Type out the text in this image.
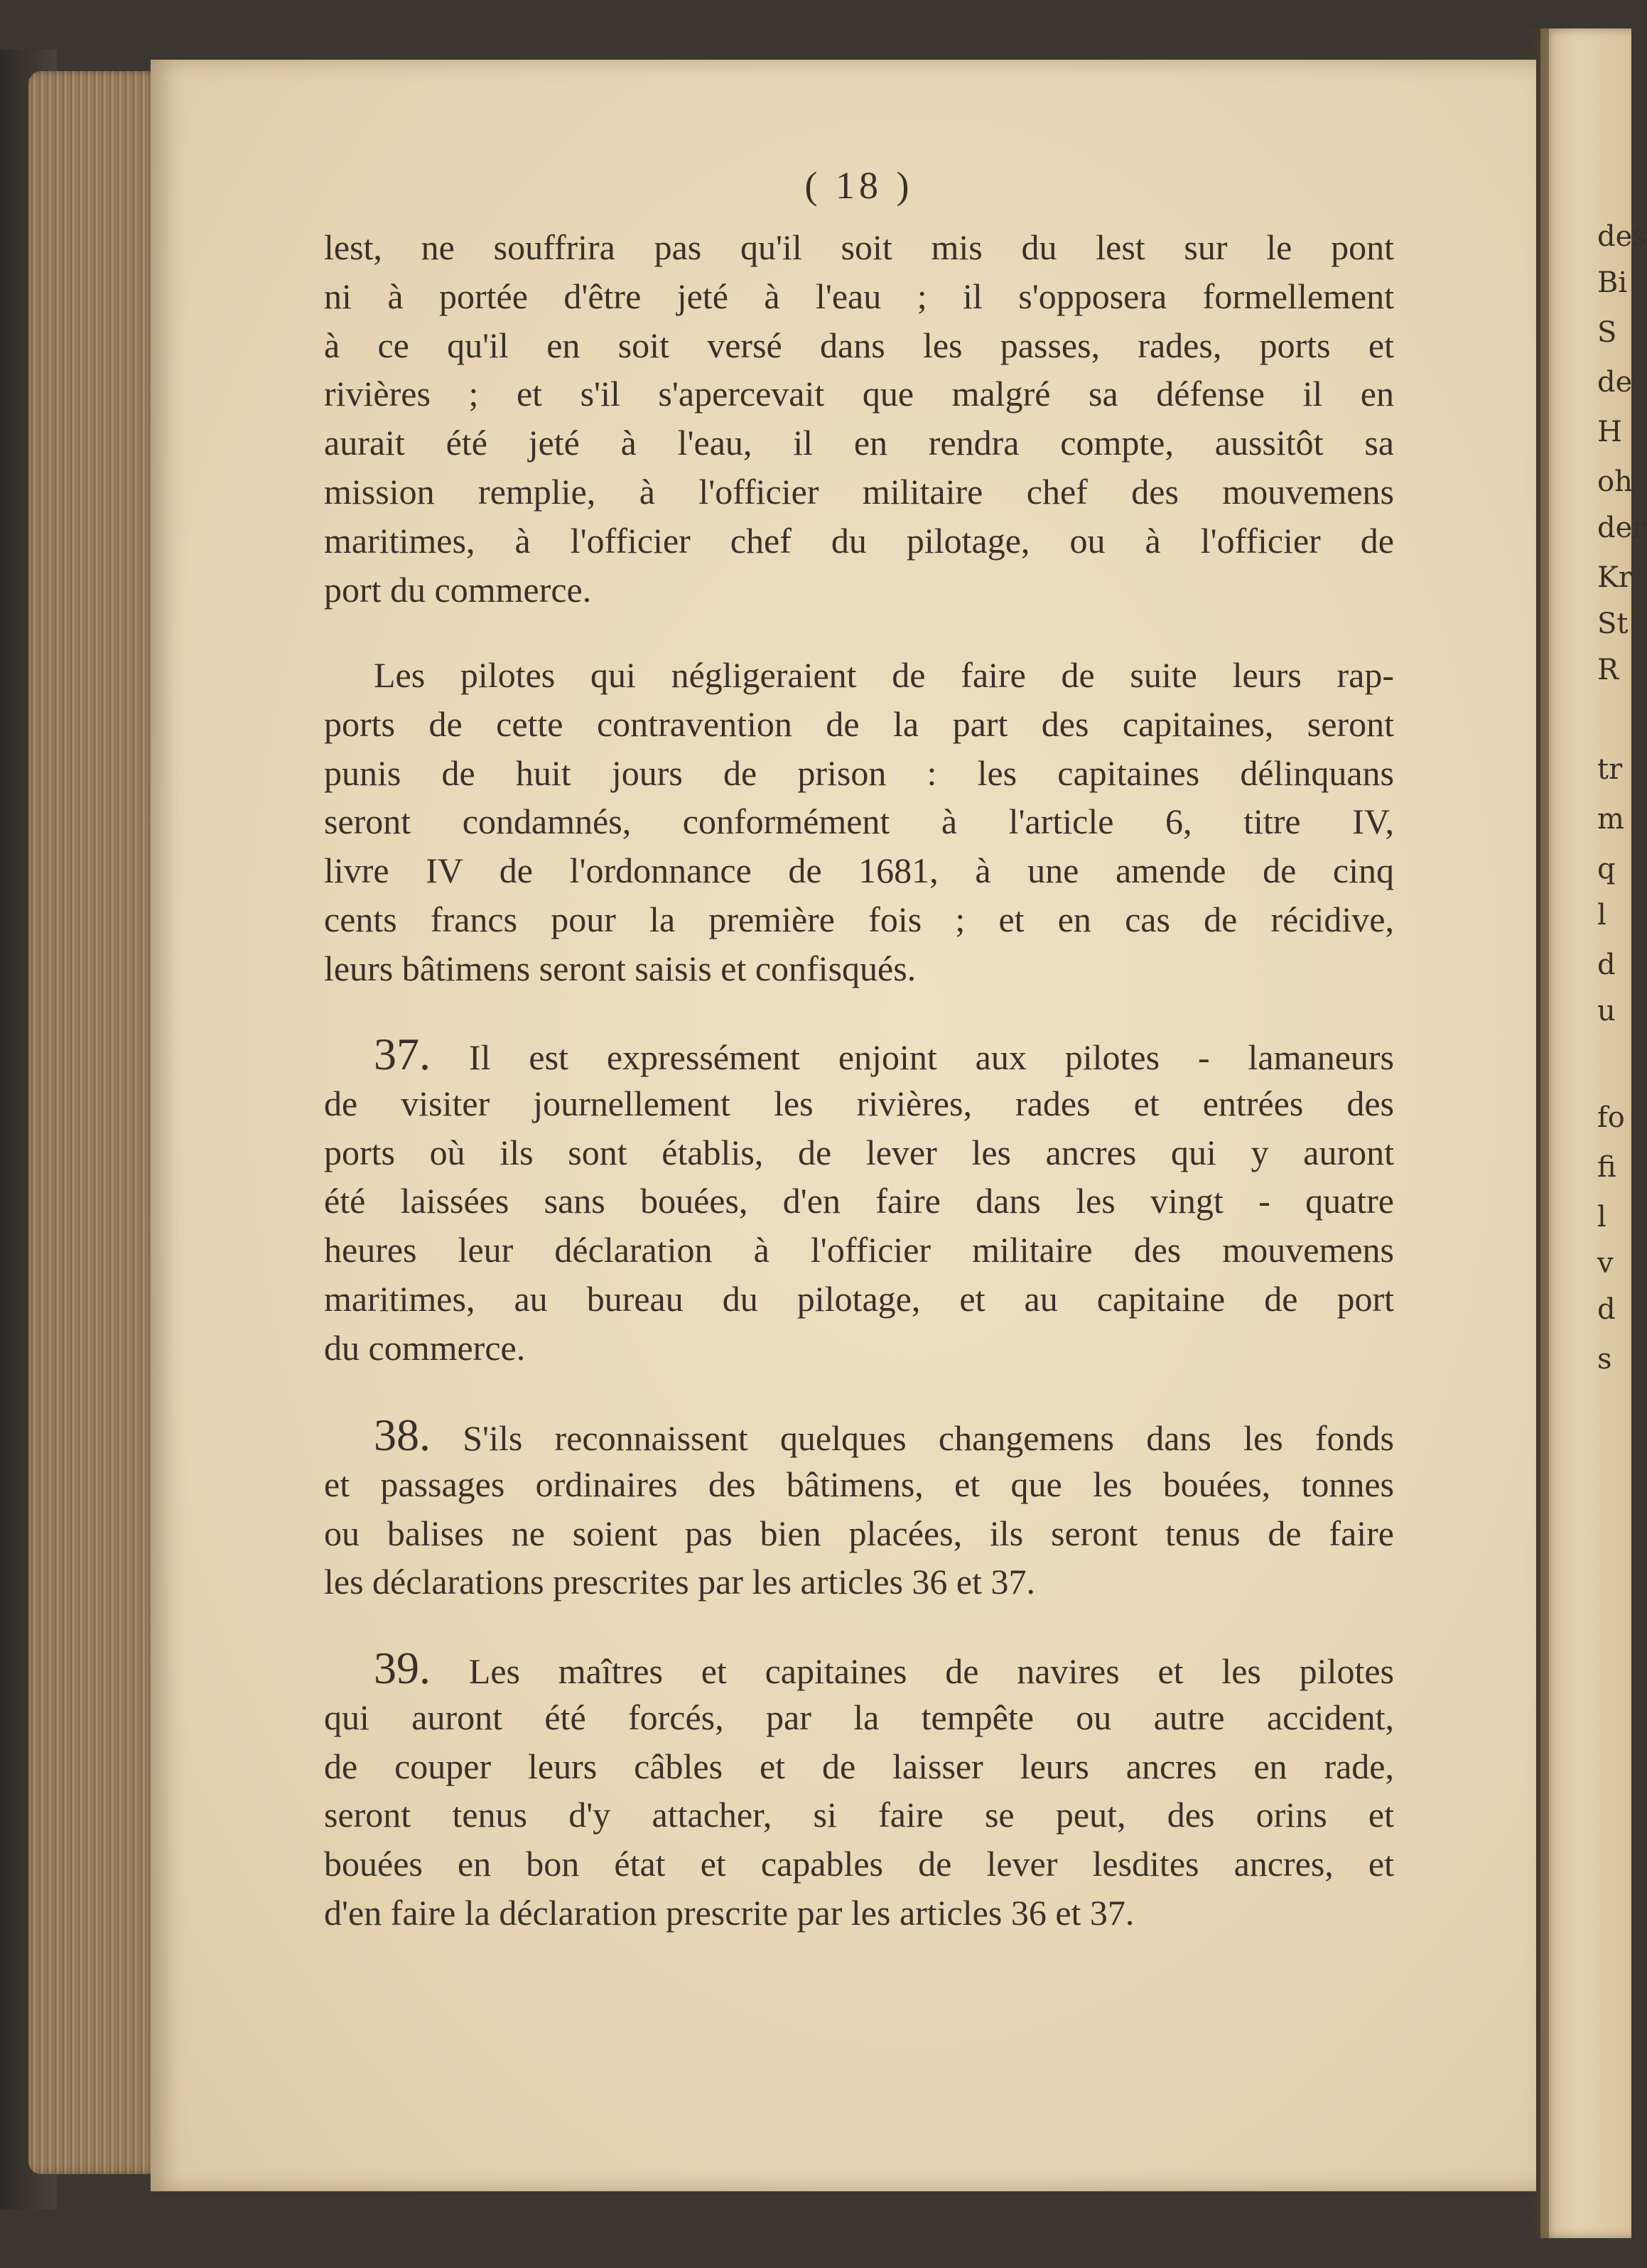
( 18 )
lest, ne souffrira pas qu'il soit mis du lest sur le pont
ni à portée d'être jeté à l'eau ; il s'opposera formellement
à ce qu'il en soit versé dans les passes, rades, ports et
rivières ; et s'il s'apercevait que malgré sa défense il en
aurait été jeté à l'eau, il en rendra compte, aussitôt sa
mission remplie, à l'officier militaire chef des mouvemens
maritimes, à l'officier chef du pilotage, ou à l'officier de
port du commerce.
Les pilotes qui négligeraient de faire de suite leurs rap-
ports de cette contravention de la part des capitaines, seront
punis de huit jours de prison : les capitaines délinquans
seront condamnés, conformément à l'article 6, titre IV,
livre IV de l'ordonnance de 1681, à une amende de cinq
cents francs pour la première fois ; et en cas de récidive,
leurs bâtimens seront saisis et confisqués.
37. Il est expressément enjoint aux pilotes - lamaneurs
de visiter journellement les rivières, rades et entrées des
ports où ils sont établis, de lever les ancres qui y auront
été laissées sans bouées, d'en faire dans les vingt - quatre
heures leur déclaration à l'officier militaire des mouvemens
maritimes, au bureau du pilotage, et au capitaine de port
du commerce.
38. S'ils reconnaissent quelques changemens dans les fonds
et passages ordinaires des bâtimens, et que les bouées, tonnes
ou balises ne soient pas bien placées, ils seront tenus de faire
les déclarations prescrites par les articles 36 et 37.
39. Les maîtres et capitaines de navires et les pilotes
qui auront été forcés, par la tempête ou autre accident,
de couper leurs câbles et de laisser leurs ancres en rade,
seront tenus d'y attacher, si faire se peut, des orins et
bouées en bon état et capables de lever lesdites ancres, et
d'en faire la déclaration prescrite par les articles 36 et 37.
des
Bi
S
de
H
oh
der
Kr
St
R
tr
m
q
l
d
u
fo
fi
l
v
d
s
